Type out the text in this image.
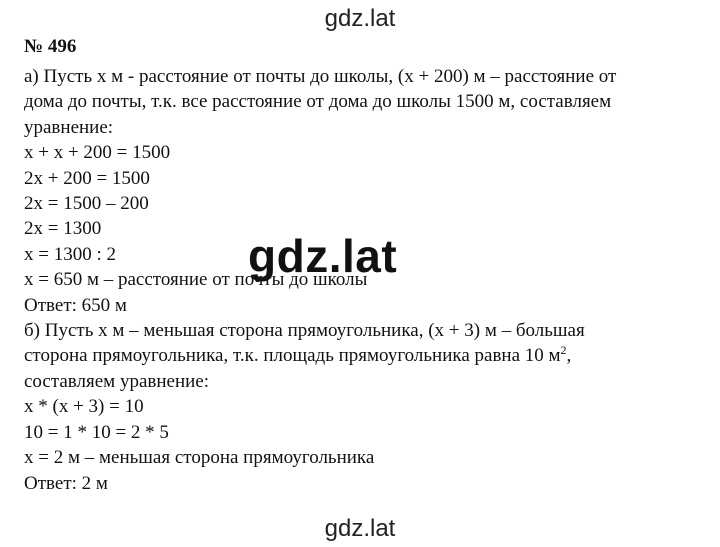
gdz.lat
№ 496
а) Пусть х м - расстояние от почты до школы, (х + 200) м – расстояние от
дома до почты, т.к. все расстояние от дома до школы 1500 м, составляем
уравнение:
х + х + 200 = 1500
2х + 200 = 1500
2х = 1500 – 200
2х = 1300
х = 1300 : 2
х = 650 м – расстояние от почты до школы
Ответ: 650 м
б) Пусть х м – меньшая сторона прямоугольника, (х + 3) м – большая
сторона прямоугольника, т.к. площадь прямоугольника равна 10 $м^2$,
составляем уравнение:
х * (х + 3) = 10
10 = 1 * 10 = 2 * 5
х = 2 м – меньшая сторона прямоугольника
Ответ: 2 м
gdz.lat
gdz.lat
